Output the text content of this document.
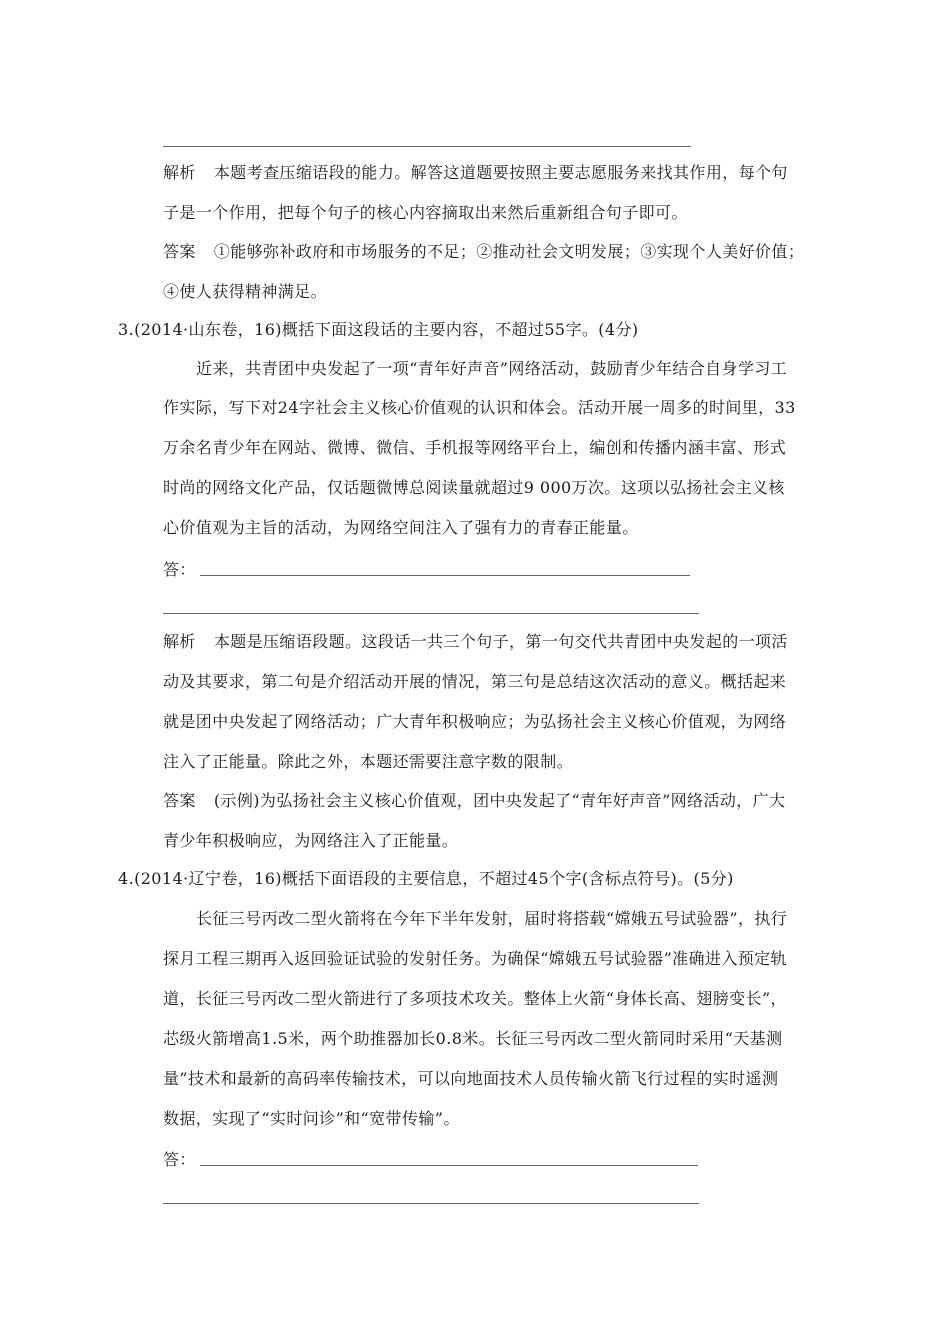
解析 本题考查压缩语段的能力。解答这道题要按照主要志愿服务来找其作用，每个句
子是一个作用，把每个句子的核心内容摘取出来然后重新组合句子即可。
答案 ①能够弥补政府和市场服务的不足；②推动社会文明发展；③实现个人美好价值；
④使人获得精神满足。
3.(2014·山东卷，16)概括下面这段话的主要内容，不超过55字。(4分)
近来，共青团中央发起了一项“青年好声音”网络活动，鼓励青少年结合自身学习工
作实际，写下对24字社会主义核心价值观的认识和体会。活动开展一周多的时间里，33
万余名青少年在网站、微博、微信、手机报等网络平台上，编创和传播内涵丰富、形式
时尚的网络文化产品，仅话题微博总阅读量就超过9 000万次。这项以弘扬社会主义核
心价值观为主旨的活动，为网络空间注入了强有力的青春正能量。
答：
解析 本题是压缩语段题。这段话一共三个句子，第一句交代共青团中央发起的一项活
动及其要求，第二句是介绍活动开展的情况，第三句是总结这次活动的意义。概括起来
就是团中央发起了网络活动；广大青年积极响应；为弘扬社会主义核心价值观，为网络
注入了正能量。除此之外，本题还需要注意字数的限制。
答案 (示例)为弘扬社会主义核心价值观，团中央发起了“青年好声音”网络活动，广大
青少年积极响应，为网络注入了正能量。
4.(2014·辽宁卷，16)概括下面语段的主要信息，不超过45个字(含标点符号)。(5分)
长征三号丙改二型火箭将在今年下半年发射，届时将搭载“嫦娥五号试验器”，执行
探月工程三期再入返回验证试验的发射任务。为确保“嫦娥五号试验器”准确进入预定轨
道，长征三号丙改二型火箭进行了多项技术攻关。整体上火箭“身体长高、翅膀变长”，
芯级火箭增高1.5米，两个助推器加长0.8米。长征三号丙改二型火箭同时采用“天基测
量”技术和最新的高码率传输技术，可以向地面技术人员传输火箭飞行过程的实时遥测
数据，实现了“实时问诊”和“宽带传输”。
答：
